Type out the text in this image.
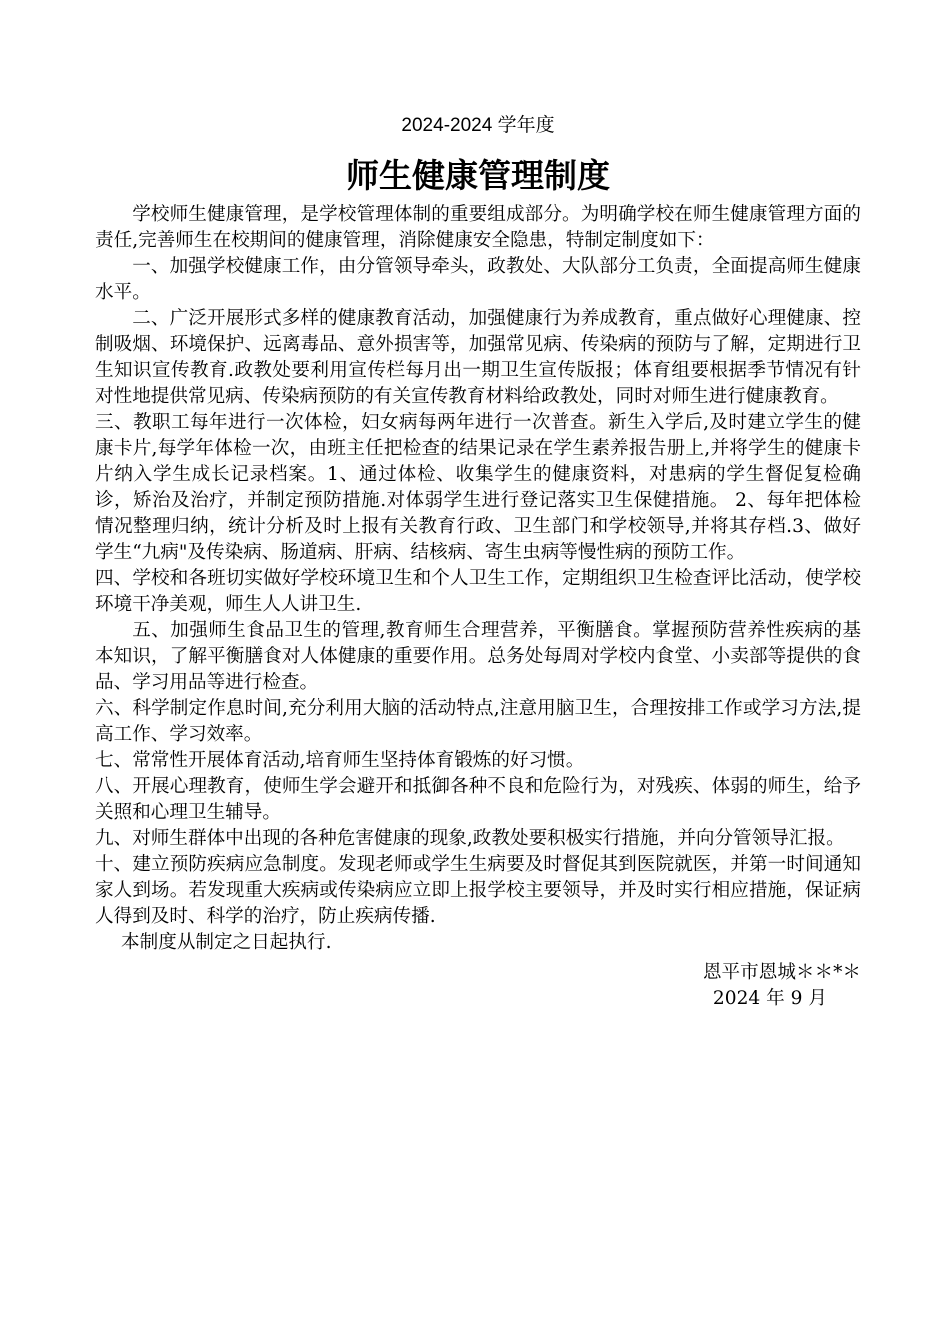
2024-2024 学年度
师生健康管理制度

学校师生健康管理，是学校管理体制的重要组成部分。为明确学校在师生健康管理方面的责任,完善师生在校期间的健康管理，消除健康安全隐患，特制定制度如下：

一、加强学校健康工作，由分管领导牵头，政教处、大队部分工负责，全面提高师生健康水平。

二、广泛开展形式多样的健康教育活动，加强健康行为养成教育，重点做好心理健康、控制吸烟、环境保护、远离毒品、意外损害等，加强常见病、传染病的预防与了解，定期进行卫生知识宣传教育.政教处要利用宣传栏每月出一期卫生宣传版报；体育组要根据季节情况有针对性地提供常见病、传染病预防的有关宣传教育材料给政教处，同时对师生进行健康教育。

三、教职工每年进行一次体检，妇女病每两年进行一次普查。新生入学后,及时建立学生的健康卡片,每学年体检一次，由班主任把检查的结果记录在学生素养报告册上,并将学生的健康卡片纳入学生成长记录档案。1、通过体检、收集学生的健康资料，对患病的学生督促复检确诊，矫治及治疗，并制定预防措施.对体弱学生进行登记落实卫生保健措施。 2、每年把体检情况整理归纳，统计分析及时上报有关教育行政、卫生部门和学校领导,并将其存档.3、做好学生“九病"及传染病、肠道病、肝病、结核病、寄生虫病等慢性病的预防工作。

四、学校和各班切实做好学校环境卫生和个人卫生工作，定期组织卫生检查评比活动，使学校环境干净美观，师生人人讲卫生.

五、加强师生食品卫生的管理,教育师生合理营养，平衡膳食。掌握预防营养性疾病的基本知识，了解平衡膳食对人体健康的重要作用。总务处每周对学校内食堂、小卖部等提供的食品、学习用品等进行检查。

六、科学制定作息时间,充分利用大脑的活动特点,注意用脑卫生，合理按排工作或学习方法,提高工作、学习效率。

七、常常性开展体育活动,培育师生坚持体育锻炼的好习惯。

八、开展心理教育，使师生学会避开和抵御各种不良和危险行为，对残疾、体弱的师生，给予关照和心理卫生辅导。

九、对师生群体中出现的各种危害健康的现象,政教处要积极实行措施，并向分管领导汇报。

十、建立预防疾病应急制度。发现老师或学生生病要及时督促其到医院就医，并第一时间通知家人到场。若发现重大疾病或传染病应立即上报学校主要领导，并及时实行相应措施，保证病人得到及时、科学的治疗，防止疾病传播.

本制度从制定之日起执行.

恩平市恩城＊＊*＊
2024 年 9 月
